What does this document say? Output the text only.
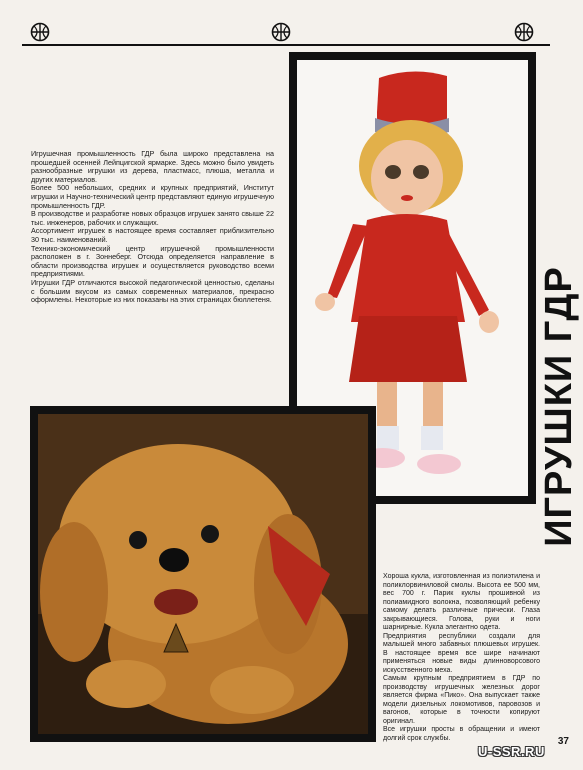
Игрушечная промышленность ГДР была широко представлена на прошедшей осенней Лейпцигской ярмарке. Здесь можно было увидеть разнообразные игрушки из дерева, пластмасс, плюша, металла и других материалов.

Более 500 небольших, средних и крупных предприятий, Институт игрушки и Научно-технический центр представляют единую игрушечную промышленность ГДР.

В производстве и разработке новых образцов игрушек занято свыше 22 тыс. инженеров, рабочих и служащих.

Ассортимент игрушек в настоящее время составляет приблизительно 30 тыс. наименований.

Технико-экономический центр игрушечной промышленности расположен в г. Зоннеберг. Отсюда определяется направление в области производства игрушек и осуществляется руководство всеми предприятиями.

Игрушки ГДР отличаются высокой педагогической ценностью, сделаны с большим вкусом из самых современных материалов, прекрасно оформлены. Некоторые из них показаны на этих страницах бюллетеня.	ИГРУШКИ ГДР

Хороша кукла, изготовленная из полиэтилена и поликлорвиниловой смолы. Высота ее 500 мм, вес 700 г. Парик куклы прошивной из полиамидного волокна, позволяющий ребенку самому делать различные прически. Глаза закрывающиеся. Голова, руки и ноги шарнирные. Кукла элегантно одета.

Предприятия республики создали для малышей много забавных плюшевых игрушек. В настоящее время все шире начинают применяться новые виды длинноворсового искусственного меха.

Самым крупным предприятием в ГДР по производству игрушечных железных дорог является фирма «Пико». Она выпускает также модели дизельных локомотивов, паровозов и вагонов, которые в точности копируют оригинал.

Все игрушки просты в обращении и имеют долгий срок службы.	37
U-SSR.RU
